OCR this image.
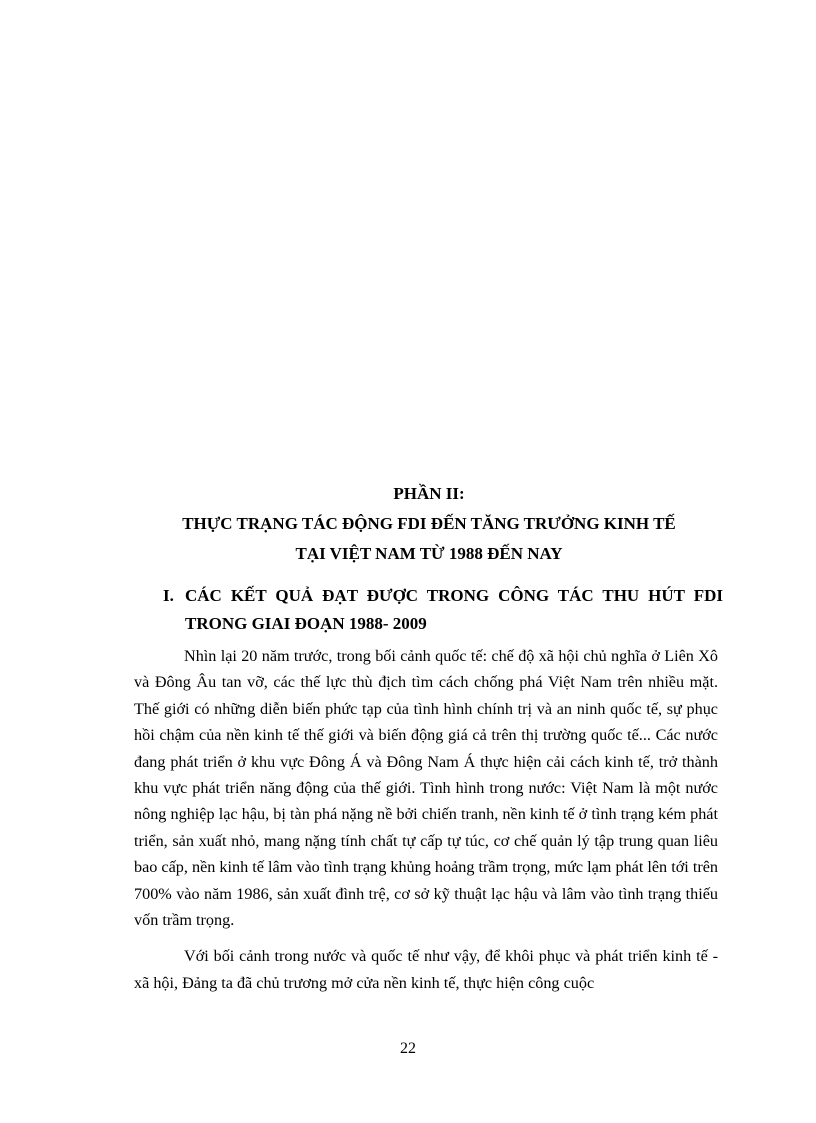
PHẦN II:
THỰC TRẠNG TÁC ĐỘNG FDI ĐẾN TĂNG TRƯỞNG KINH TẾ
TẠI VIỆT NAM TỪ 1988 ĐẾN NAY
I. CÁC KẾT QUẢ ĐẠT ĐƯỢC TRONG CÔNG TÁC THU HÚT FDI
TRONG GIAI ĐOẠN 1988- 2009

Nhìn lại 20 năm trước, trong bối cảnh quốc tế: chế độ xã hội chủ nghĩa ở Liên Xô và Đông Âu tan vỡ, các thế lực thù địch tìm cách chống phá Việt Nam trên nhiều mặt. Thế giới có những diễn biến phức tạp của tình hình chính trị và an ninh quốc tế, sự phục hồi chậm của nền kinh tế thế giới và biến động giá cả trên thị trường quốc tế... Các nước đang phát triển ở khu vực Đông Á và Đông Nam Á thực hiện cải cách kinh tế, trở thành khu vực phát triển năng động của thế giới. Tình hình trong nước: Việt Nam là một nước nông nghiệp lạc hậu, bị tàn phá nặng nề bởi chiến tranh, nền kinh tế ở tình trạng kém phát triển, sản xuất nhỏ, mang nặng tính chất tự cấp tự túc, cơ chế quản lý tập trung quan liêu bao cấp, nền kinh tế lâm vào tình trạng khủng hoảng trầm trọng, mức lạm phát lên tới trên 700% vào năm 1986, sản xuất đình trệ, cơ sở kỹ thuật lạc hậu và lâm vào tình trạng thiếu vốn trầm trọng.

Với bối cảnh trong nước và quốc tế như vậy, để khôi phục và phát triển kinh tế - xã hội, Đảng ta đã chủ trương mở cửa nền kinh tế, thực hiện công cuộc

22
